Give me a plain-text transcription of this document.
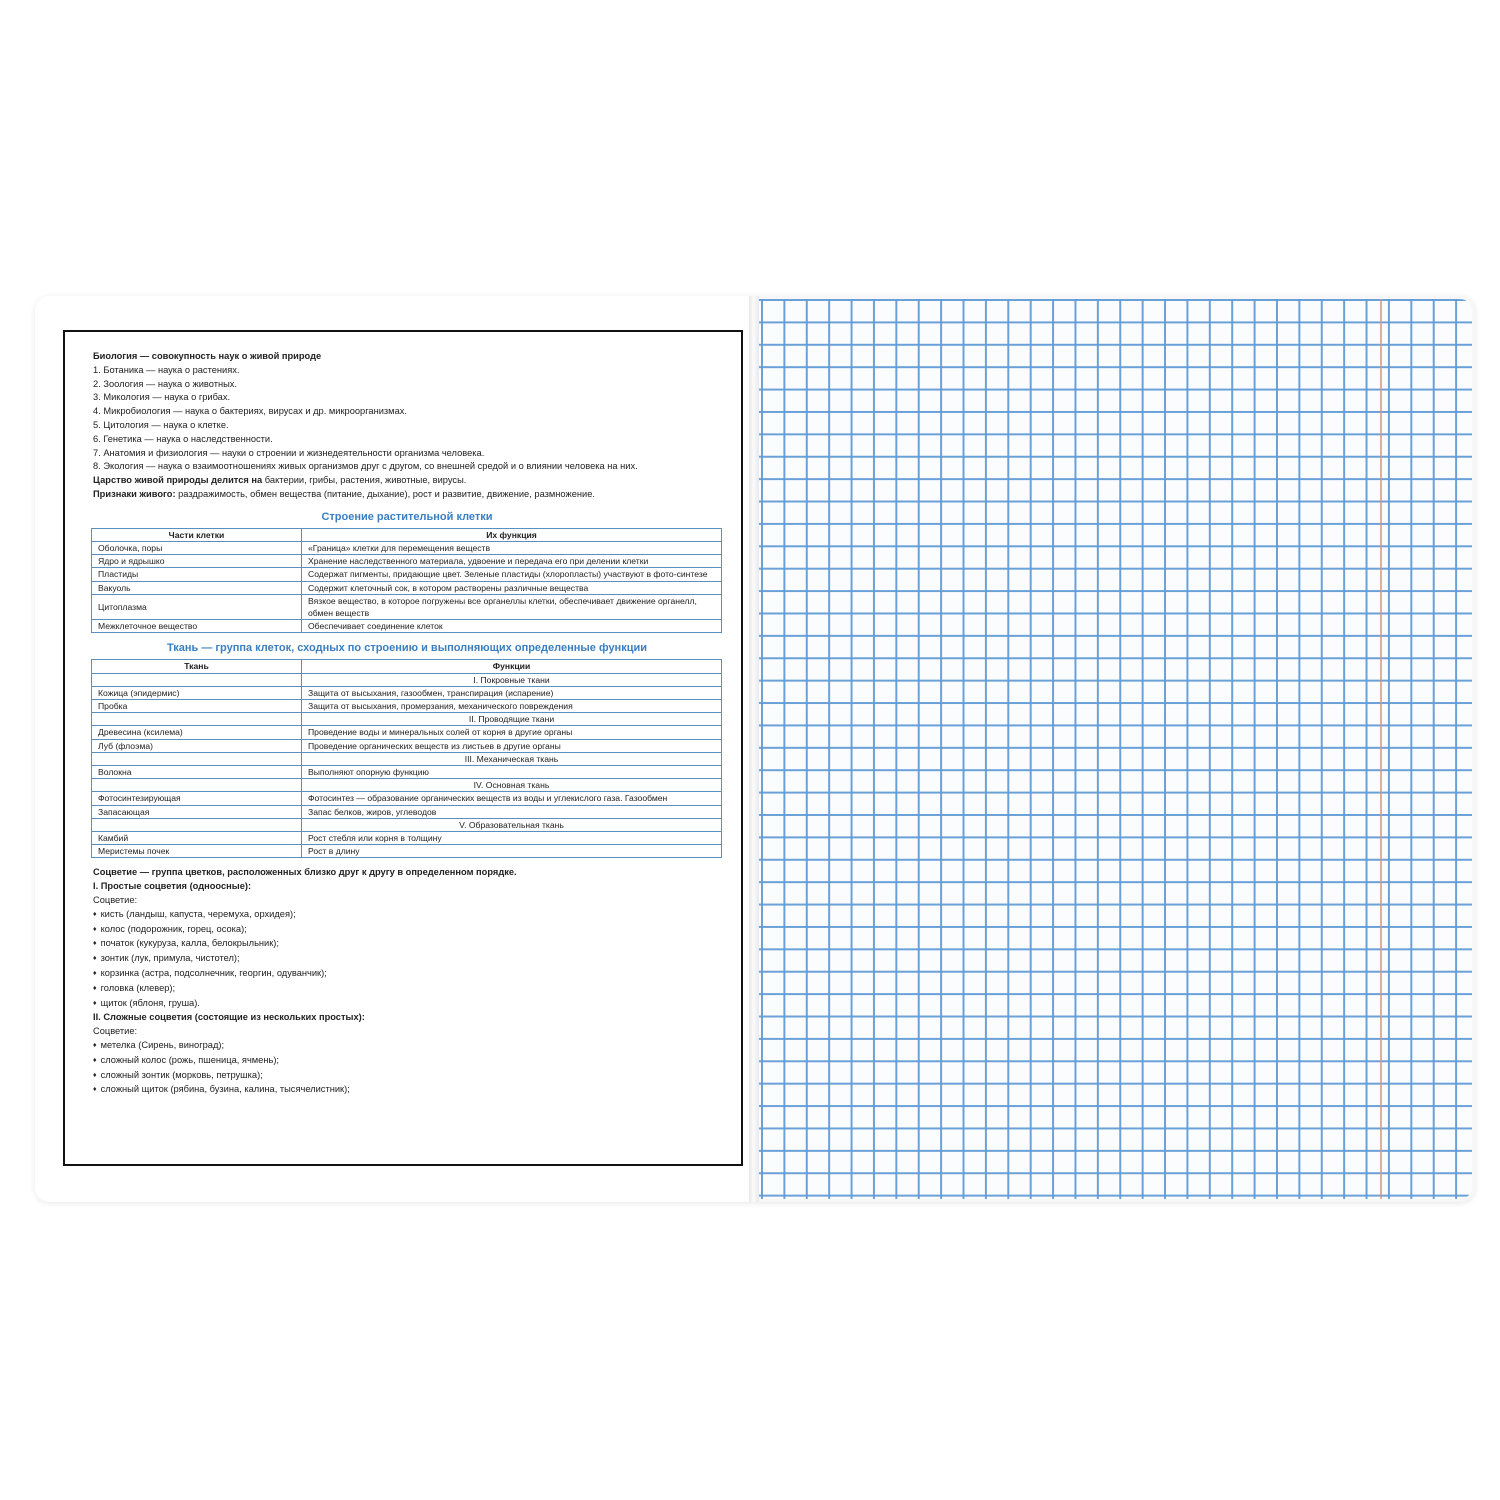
Биология — совокупность наук о живой природе
1. Ботаника — наука о растениях.
2. Зоология — наука о животных.
3. Микология — наука о грибах.
4. Микробиология — наука о бактериях, вирусах и др. микроорганизмах.
5. Цитология — наука о клетке.
6. Генетика — наука о наследственности.
7. Анатомия и физиология — науки о строении и жизнедеятельности организма человека.
8. Экология — наука о взаимоотношениях живых организмов друг с другом, со внешней средой и о влиянии человека на них.
Царство живой природы делится на бактерии, грибы, растения, животные, вирусы.
Признаки живого: раздражимость, обмен вещества (питание, дыхание), рост и развитие, движение, размножение.
Строение растительной клетки
Части клетки	Их функция
Оболочка, поры	«Граница» клетки для перемещения веществ
Ядро и ядрышко	Хранение наследственного материала, удвоение и передача его при делении клетки
Пластиды	Содержат пигменты, придающие цвет. Зеленые пластиды (хлоропласты) участвуют в фото-синтезе
Вакуоль	Содержит клеточный сок, в котором растворены различные вещества
Цитоплазма	Вязкое вещество, в которое погружены все органеллы клетки, обеспечивает движение органелл, обмен веществ
Межклеточное вещество	Обеспечивает соединение клеток
Ткань — группа клеток, сходных по строению и выполняющих определенные функции
Ткань	Функции
	I. Покровные ткани
Кожица (эпидермис)	Защита от высыхания, газообмен, транспирация (испарение)
Пробка	Защита от высыхания, промерзания, механического повреждения
	II. Проводящие ткани
Древесина (ксилема)	Проведение воды и минеральных солей от корня в другие органы
Луб (флоэма)	Проведение органических веществ из листьев в другие органы
	III. Механическая ткань
Волокна	Выполняют опорную функцию
	IV. Основная ткань
Фотосинтезирующая	Фотосинтез — образование органических веществ из воды и углекислого газа. Газообмен
Запасающая	Запас белков, жиров, углеводов
	V. Образовательная ткань
Камбий	Рост стебля или корня в толщину
Меристемы почек	Рост в длину
Соцветие — группа цветков, расположенных близко друг к другу в определенном порядке.
I. Простые соцветия (одноосные):
Соцветие:
♦ кисть (ландыш, капуста, черемуха, орхидея);
♦ колос (подорожник, горец, осока);
♦ початок (кукуруза, калла, белокрыльник);
♦ зонтик (лук, примула, чистотел);
♦ корзинка (астра, подсолнечник, георгин, одуванчик);
♦ головка (клевер);
♦ щиток (яблоня, груша).
II. Сложные соцветия (состоящие из нескольких простых):
Соцветие:
♦ метелка (Сирень, виноград);
♦ сложный колос (рожь, пшеница, ячмень);
♦ сложный зонтик (морковь, петрушка);
♦ сложный щиток (рябина, бузина, калина, тысячелистник);
